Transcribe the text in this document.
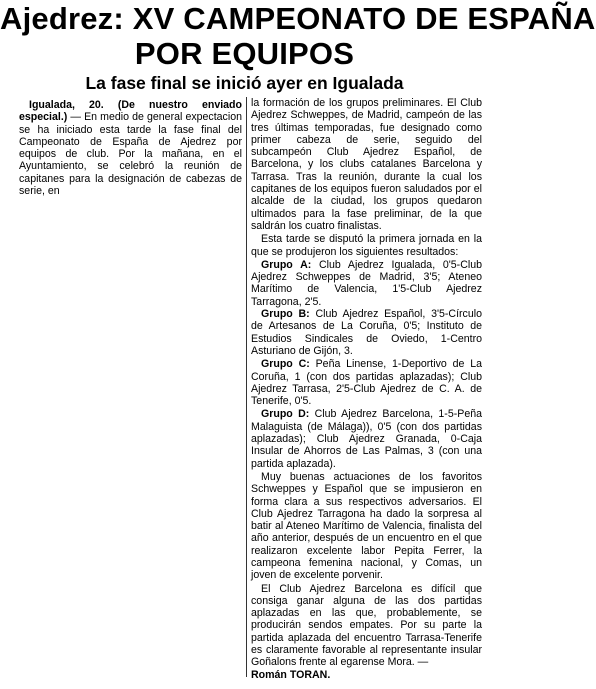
Ajedrez: XV CAMPEONATO DE ESPAÑA
POR EQUIPOS
La fase final se inició ayer en Igualada

Igualada, 20. (De nuestro enviado especial.) — En medio de general expectacion se ha iniciado esta tarde la fase final del Campeonato de España de Ajedrez por equipos de club. Por la mañana, en el Ayuntamiento, se celebró la reunión de capitanes para la designación de cabezas de serie, en

la formación de los grupos preliminares. El Club Ajedrez Schweppes, de Madrid, campeón de las tres últimas temporadas, fue designado como primer cabeza de serie, seguido del subcampeón Club Ajedrez Español, de Barcelona, y los clubs catalanes Barcelona y Tarrasa. Tras la reunión, durante la cual los capitanes de los equipos fueron saludados por el alcalde de la ciudad, los grupos quedaron ultimados para la fase preliminar, de la que saldrán los cuatro finalistas.

Esta tarde se disputó la primera jornada en la que se produjeron los siguientes resultados:

Grupo A: Club Ajedrez Igualada, 0'5-Club Ajedrez Schweppes de Madrid, 3'5; Ateneo Marítimo de Valencia, 1'5-Club Ajedrez Tarragona, 2'5.

Grupo B: Club Ajedrez Español, 3'5-Círculo de Artesanos de La Coruña, 0'5; Instituto de Estudios Sindicales de Oviedo, 1-Centro Asturiano de Gijón, 3.

Grupo C: Peña Linense, 1-Deportivo de La Coruña, 1 (con dos partidas aplazadas); Club Ajedrez Tarrasa, 2'5-Club Ajedrez de C. A. de Tenerife, 0'5.

Grupo D: Club Ajedrez Barcelona, 1-5-Peña Malaguista (de Málaga)), 0'5 (con dos partidas aplazadas); Club Ajedrez Granada, 0-Caja Insular de Ahorros de Las Palmas, 3 (con una partida aplazada).

Muy buenas actuaciones de los favoritos Schweppes y Español que se impusieron en forma clara a sus respectivos adversarios. El Club Ajedrez Tarragona ha dado la sorpresa al batir al Ateneo Marítimo de Valencia, finalista del año anterior, después de un encuentro en el que realizaron excelente labor Pepita Ferrer, la campeona femenina nacional, y Comas, un joven de excelente porvenir.

El Club Ajedrez Barcelona es difícil que consiga ganar alguna de las dos partidas aplazadas en las que, probablemente, se producirán sendos empates. Por su parte la partida aplazada del encuentro Tarrasa-Tenerife es claramente favorable al representante insular Goñalons frente al egarense Mora. —
Román TORAN.
